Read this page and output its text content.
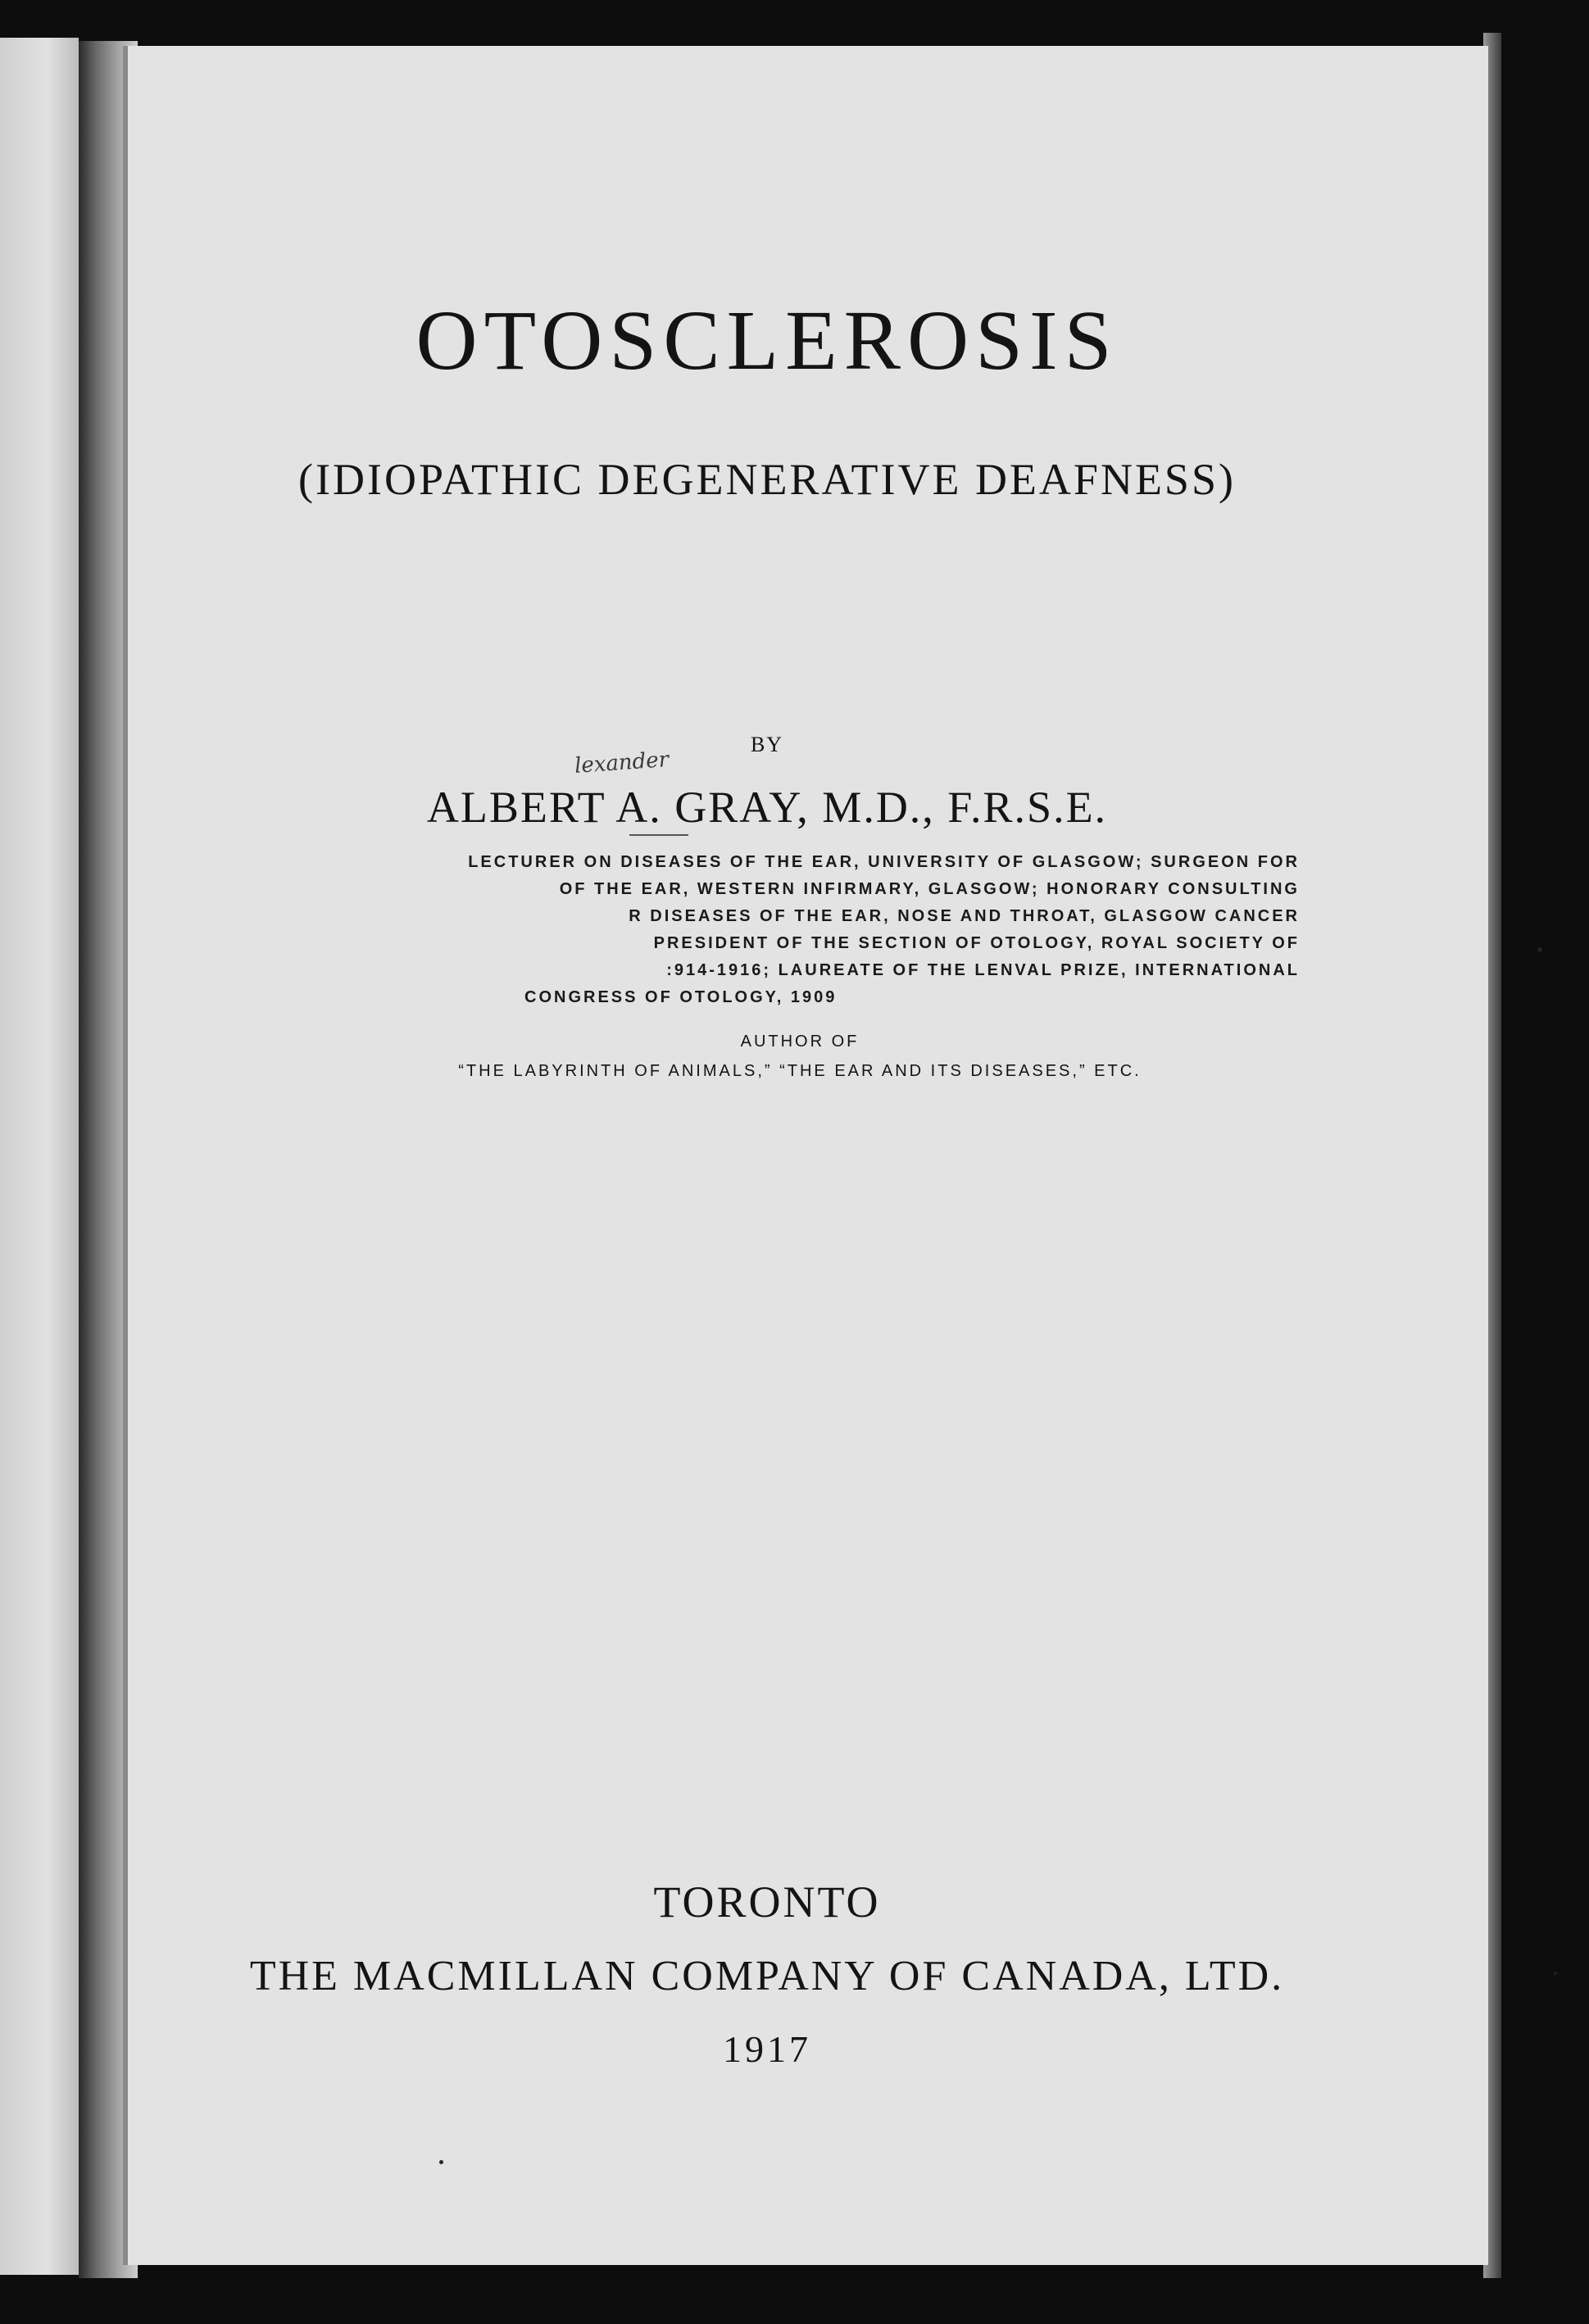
OTOSCLEROSIS
(IDIOPATHIC DEGENERATIVE DEAFNESS)
BY
lexander
ALBERT A. GRAY, M.D., F.R.S.E.
LECTURER ON DISEASES OF THE EAR, UNIVERSITY OF GLASGOW; SURGEON FOR
OF THE EAR, WESTERN INFIRMARY, GLASGOW; HONORARY CONSULTING
R DISEASES OF THE EAR, NOSE AND THROAT, GLASGOW CANCER
PRESIDENT OF THE SECTION OF OTOLOGY, ROYAL SOCIETY OF
:914-1916; LAUREATE OF THE LENVAL PRIZE, INTERNATIONAL
CONGRESS OF OTOLOGY, 1909
AUTHOR OF
“THE LABYRINTH OF ANIMALS,” “THE EAR AND ITS DISEASES,” ETC.
TORONTO
THE MACMILLAN COMPANY OF CANADA, LTD.
1917
